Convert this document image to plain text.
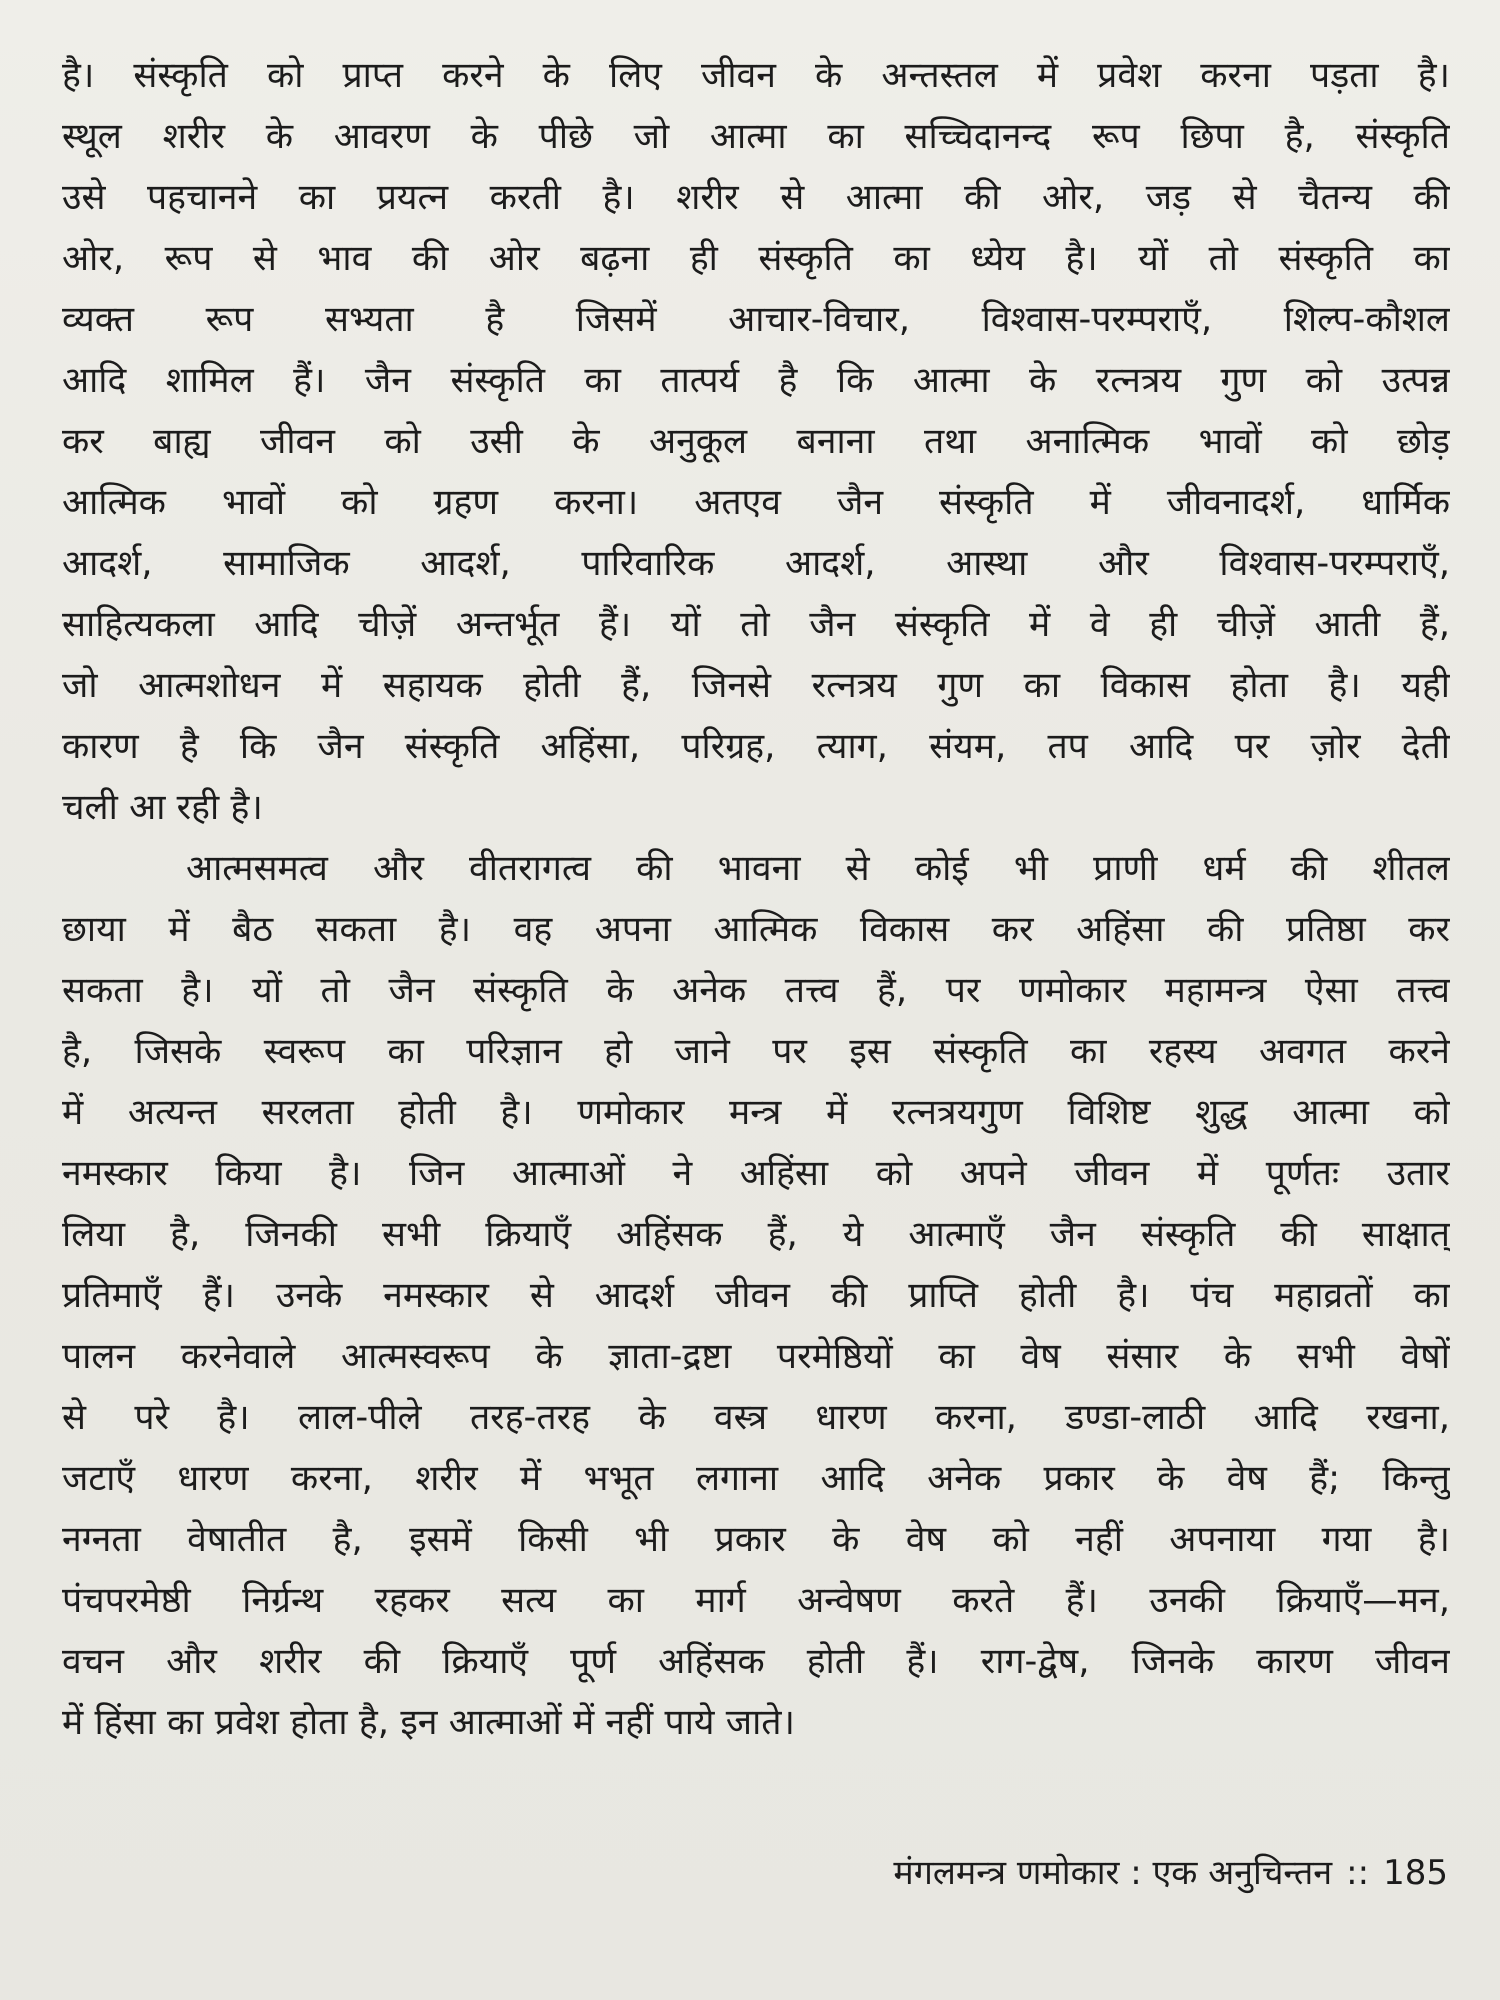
है। संस्कृति को प्राप्त करने के लिए जीवन के अन्तस्तल में प्रवेश करना पड़ता है।
स्थूल शरीर के आवरण के पीछे जो आत्मा का सच्चिदानन्द रूप छिपा है, संस्कृति
उसे पहचानने का प्रयत्न करती है। शरीर से आत्मा की ओर, जड़ से चैतन्य की
ओर, रूप से भाव की ओर बढ़ना ही संस्कृति का ध्येय है। यों तो संस्कृति का
व्यक्त रूप सभ्यता है जिसमें आचार-विचार, विश्वास-परम्पराएँ, शिल्प-कौशल
आदि शामिल हैं। जैन संस्कृति का तात्पर्य है कि आत्मा के रत्नत्रय गुण को उत्पन्न
कर बाह्य जीवन को उसी के अनुकूल बनाना तथा अनात्मिक भावों को छोड़
आत्मिक भावों को ग्रहण करना। अतएव जैन संस्कृति में जीवनादर्श, धार्मिक
आदर्श, सामाजिक आदर्श, पारिवारिक आदर्श, आस्था और विश्वास-परम्पराएँ,
साहित्यकला आदि चीज़ें अन्तर्भूत हैं। यों तो जैन संस्कृति में वे ही चीज़ें आती हैं,
जो आत्मशोधन में सहायक होती हैं, जिनसे रत्नत्रय गुण का विकास होता है। यही
कारण है कि जैन संस्कृति अहिंसा, परिग्रह, त्याग, संयम, तप आदि पर ज़ोर देती
चली आ रही है।
आत्मसमत्व और वीतरागत्व की भावना से कोई भी प्राणी धर्म की शीतल
छाया में बैठ सकता है। वह अपना आत्मिक विकास कर अहिंसा की प्रतिष्ठा कर
सकता है। यों तो जैन संस्कृति के अनेक तत्त्व हैं, पर णमोकार महामन्त्र ऐसा तत्त्व
है, जिसके स्वरूप का परिज्ञान हो जाने पर इस संस्कृति का रहस्य अवगत करने
में अत्यन्त सरलता होती है। णमोकार मन्त्र में रत्नत्रयगुण विशिष्ट शुद्ध आत्मा को
नमस्कार किया है। जिन आत्माओं ने अहिंसा को अपने जीवन में पूर्णतः उतार
लिया है, जिनकी सभी क्रियाएँ अहिंसक हैं, ये आत्माएँ जैन संस्कृति की साक्षात्
प्रतिमाएँ हैं। उनके नमस्कार से आदर्श जीवन की प्राप्ति होती है। पंच महाव्रतों का
पालन करनेवाले आत्मस्वरूप के ज्ञाता-द्रष्टा परमेष्ठियों का वेष संसार के सभी वेषों
से परे है। लाल-पीले तरह-तरह के वस्त्र धारण करना, डण्डा-लाठी आदि रखना,
जटाएँ धारण करना, शरीर में भभूत लगाना आदि अनेक प्रकार के वेष हैं; किन्तु
नग्नता वेषातीत है, इसमें किसी भी प्रकार के वेष को नहीं अपनाया गया है।
पंचपरमेष्ठी निर्ग्रन्थ रहकर सत्य का मार्ग अन्वेषण करते हैं। उनकी क्रियाएँ—मन,
वचन और शरीर की क्रियाएँ पूर्ण अहिंसक होती हैं। राग-द्वेष, जिनके कारण जीवन
में हिंसा का प्रवेश होता है, इन आत्माओं में नहीं पाये जाते।
मंगलमन्त्र णमोकार : एक अनुचिन्तन :: 185
